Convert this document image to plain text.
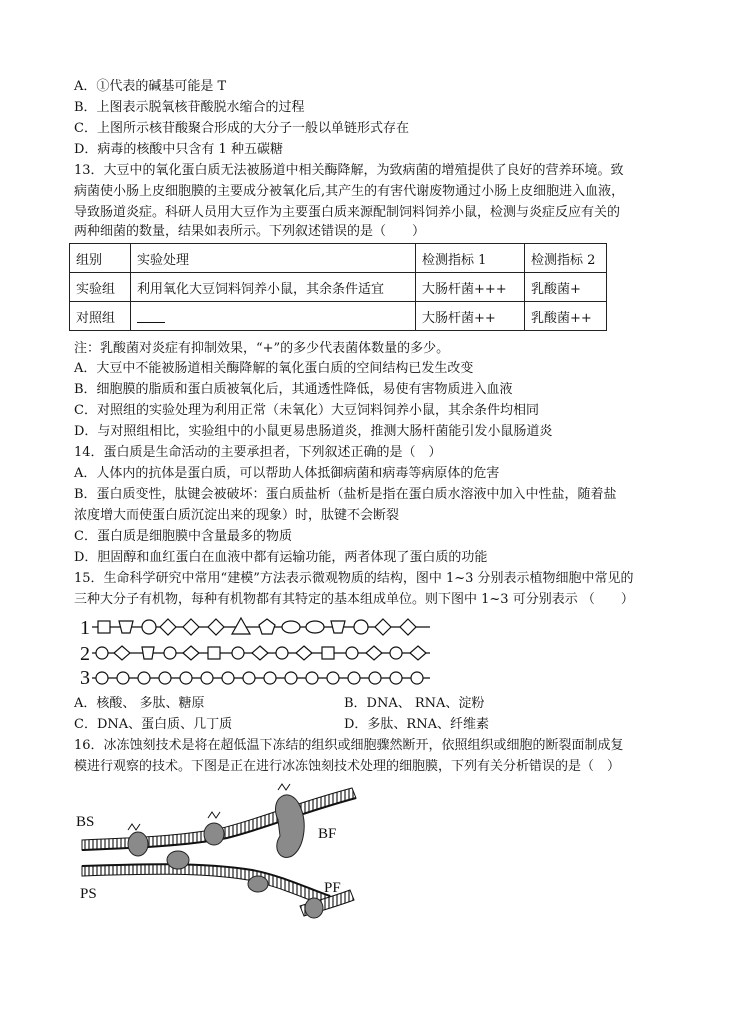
A．①代表的碱基可能是 T
B．上图表示脱氧核苷酸脱水缩合的过程
C．上图所示核苷酸聚合形成的大分子一般以单链形式存在
D．病毒的核酸中只含有 1 种五碳糖
13．大豆中的氧化蛋白质无法被肠道中相关酶降解，为致病菌的增殖提供了良好的营养环境。致
病菌使小肠上皮细胞膜的主要成分被氧化后,其产生的有害代谢废物通过小肠上皮细胞进入血液，
导致肠道炎症。科研人员用大豆作为主要蛋白质来源配制饲料饲养小鼠，检测与炎症反应有关的
两种细菌的数量，结果如表所示。下列叙述错误的是（　　）
组别	实验处理	检测指标 1	检测指标 2
实验组	利用氧化大豆饲料饲养小鼠，其余条件适宜	大肠杆菌+++	乳酸菌+
对照组		大肠杆菌++	乳酸菌++
注：乳酸菌对炎症有抑制效果，“+”的多少代表菌体数量的多少。
A．大豆中不能被肠道相关酶降解的氧化蛋白质的空间结构已发生改变
B．细胞膜的脂质和蛋白质被氧化后，其通透性降低，易使有害物质进入血液
C．对照组的实验处理为利用正常（未氧化）大豆饲料饲养小鼠，其余条件均相同
D．与对照组相比，实验组中的小鼠更易患肠道炎，推测大肠杆菌能引发小鼠肠道炎
14．蛋白质是生命活动的主要承担者，下列叙述正确的是（　）
A．人体内的抗体是蛋白质，可以帮助人体抵御病菌和病毒等病原体的危害
B．蛋白质变性，肽键会被破坏：蛋白质盐析（盐析是指在蛋白质水溶液中加入中性盐，随着盐
浓度增大而使蛋白质沉淀出来的现象）时，肽键不会断裂
C．蛋白质是细胞膜中含量最多的物质
D．胆固醇和血红蛋白在血液中都有运输功能，两者体现了蛋白质的功能
15．生命科学研究中常用“建模”方法表示微观物质的结构，图中 1~3 分别表示植物细胞中常见的
三种大分子有机物，每种有机物都有其特定的基本组成单位。则下图中 1~3 可分别表示 （　　）
1
2
3
A．核酸、 多肽、糖原	B．DNA、 RNA、淀粉
C．DNA、蛋白质、几丁质	D．多肽、RNA、纤维素
16．冰冻蚀刻技术是将在超低温下冻结的组织或细胞骤然断开，依照组织或细胞的断裂面制成复
模进行观察的技术。下图是正在进行冰冻蚀刻技术处理的细胞膜，下列有关分析错误的是（　）
BS
BF
PS	PF
